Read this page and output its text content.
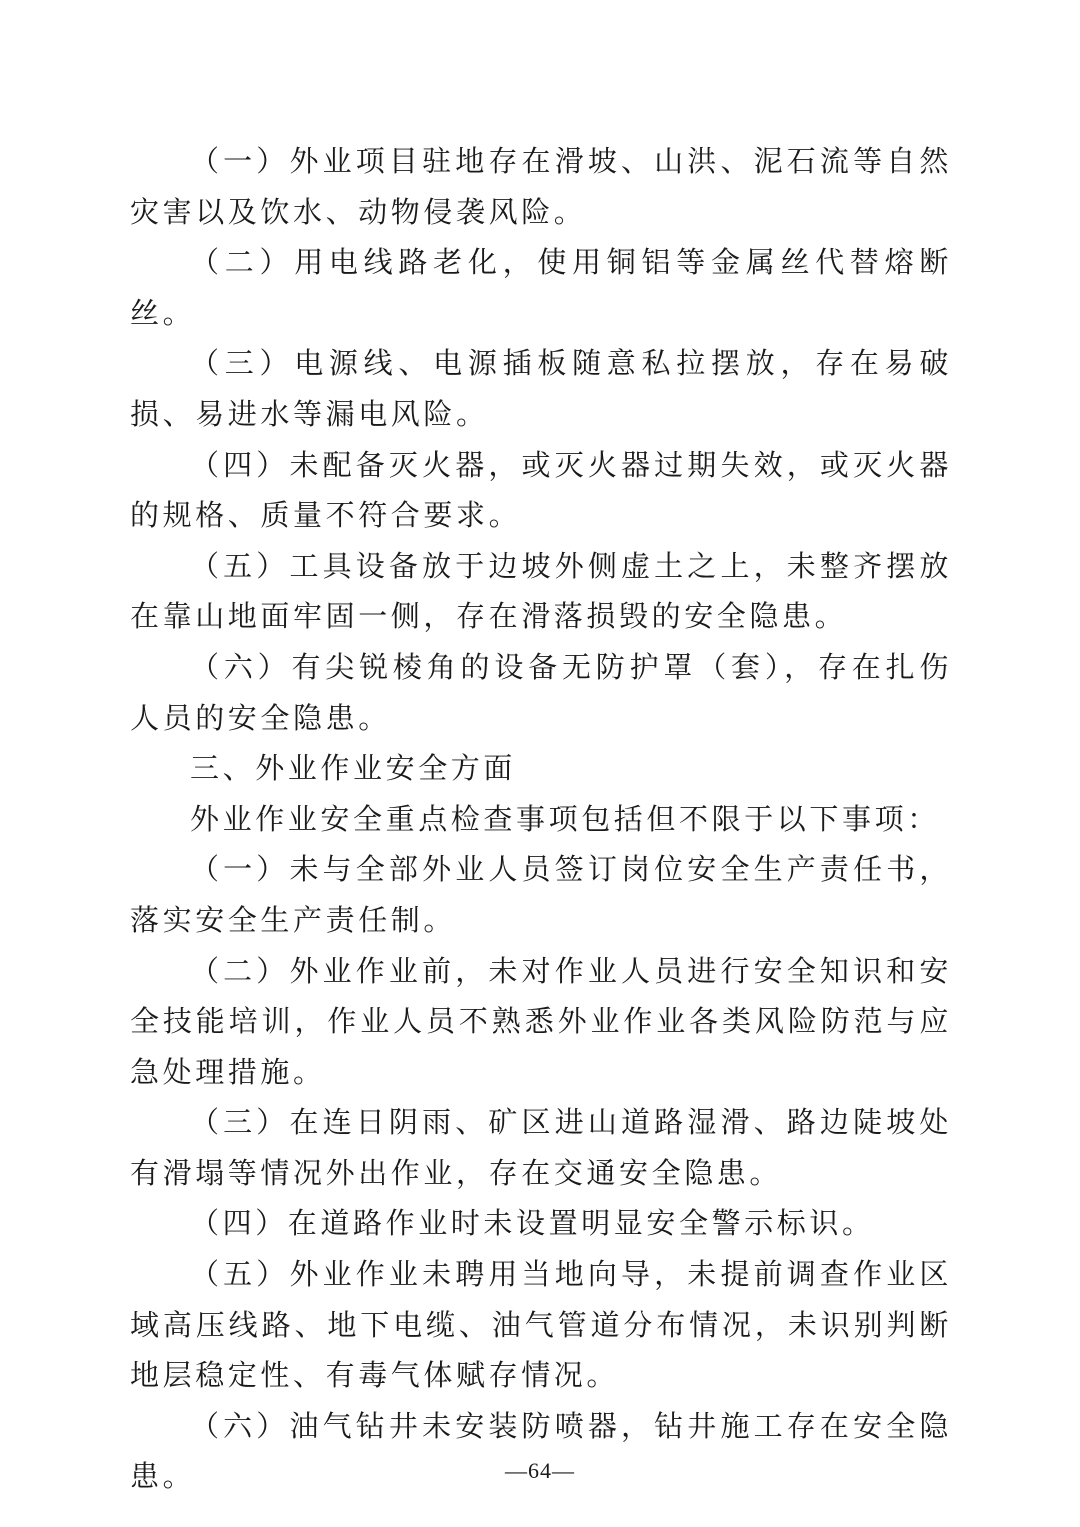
（一）外业项目驻地存在滑坡、山洪、泥石流等自然灾害以及饮水、动物侵袭风险。

（二）用电线路老化，使用铜铝等金属丝代替熔断丝。

（三）电源线、电源插板随意私拉摆放，存在易破损、易进水等漏电风险。

（四）未配备灭火器，或灭火器过期失效，或灭火器的规格、质量不符合要求。

（五）工具设备放于边坡外侧虚土之上，未整齐摆放在靠山地面牢固一侧，存在滑落损毁的安全隐患。

（六）有尖锐棱角的设备无防护罩（套），存在扎伤人员的安全隐患。

三、外业作业安全方面

外业作业安全重点检查事项包括但不限于以下事项：

（一）未与全部外业人员签订岗位安全生产责任书，落实安全生产责任制。

（二）外业作业前，未对作业人员进行安全知识和安全技能培训，作业人员不熟悉外业作业各类风险防范与应急处理措施。

（三）在连日阴雨、矿区进山道路湿滑、路边陡坡处有滑塌等情况外出作业，存在交通安全隐患。

（四）在道路作业时未设置明显安全警示标识。

（五）外业作业未聘用当地向导，未提前调查作业区域高压线路、地下电缆、油气管道分布情况，未识别判断地层稳定性、有毒气体赋存情况。

（六）油气钻井未安装防喷器，钻井施工存在安全隐患。	—64—
